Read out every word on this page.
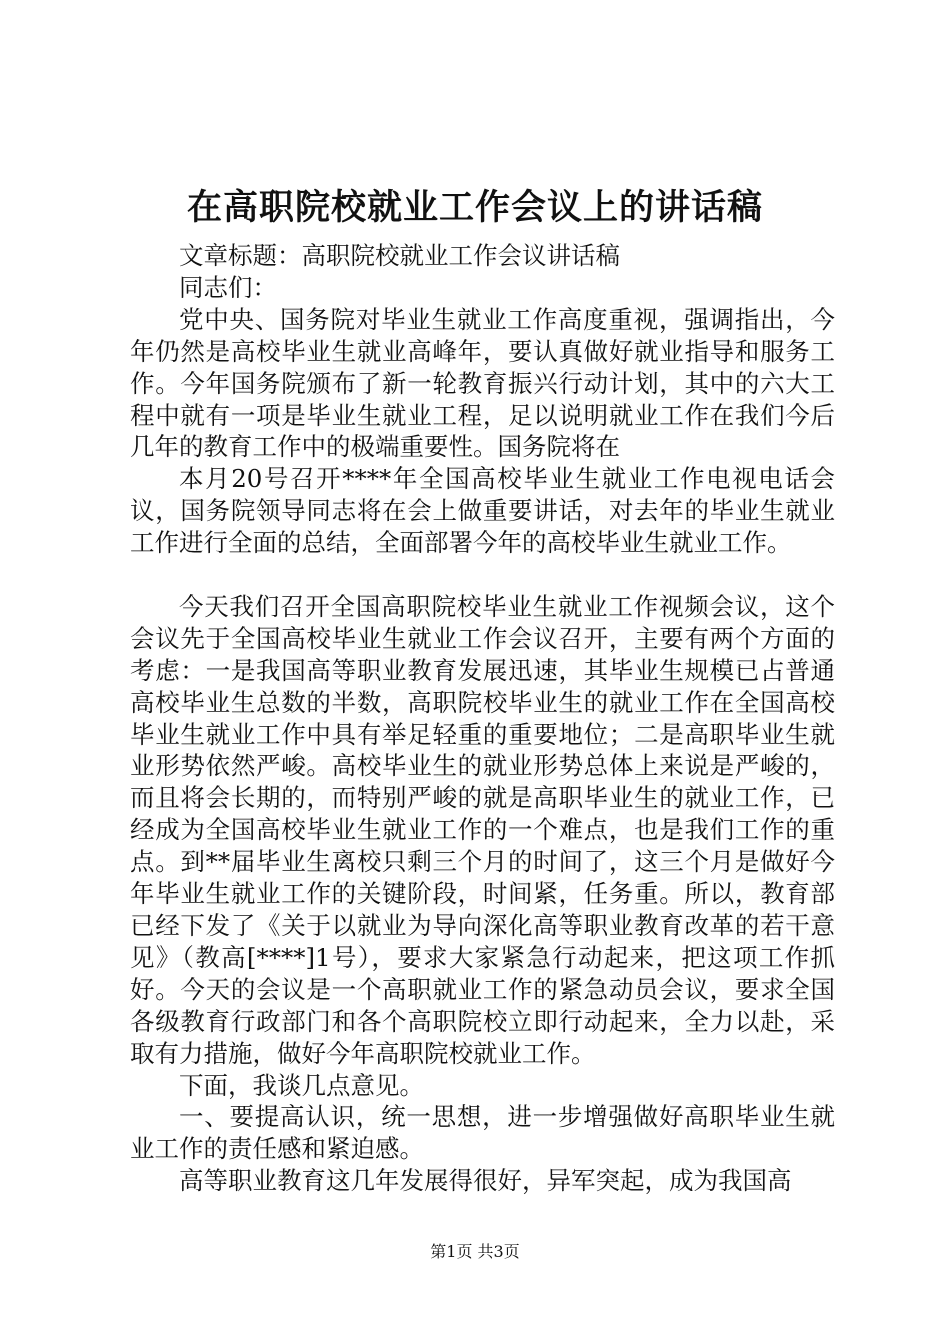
在高职院校就业工作会议上的讲话稿

文章标题：高职院校就业工作会议讲话稿

同志们：

党中央、国务院对毕业生就业工作高度重视，强调指出，今年仍然是高校毕业生就业高峰年，要认真做好就业指导和服务工作。今年国务院颁布了新一轮教育振兴行动计划，其中的六大工程中就有一项是毕业生就业工程，足以说明就业工作在我们今后几年的教育工作中的极端重要性。国务院将在

本月20号召开****年全国高校毕业生就业工作电视电话会议，国务院领导同志将在会上做重要讲话，对去年的毕业生就业工作进行全面的总结，全面部署今年的高校毕业生就业工作。

今天我们召开全国高职院校毕业生就业工作视频会议，这个会议先于全国高校毕业生就业工作会议召开，主要有两个方面的考虑：一是我国高等职业教育发展迅速，其毕业生规模已占普通高校毕业生总数的半数，高职院校毕业生的就业工作在全国高校毕业生就业工作中具有举足轻重的重要地位；二是高职毕业生就业形势依然严峻。高校毕业生的就业形势总体上来说是严峻的，而且将会长期的，而特别严峻的就是高职毕业生的就业工作，已经成为全国高校毕业生就业工作的一个难点，也是我们工作的重点。到**届毕业生离校只剩三个月的时间了，这三个月是做好今年毕业生就业工作的关键阶段，时间紧，任务重。所以，教育部已经下发了《关于以就业为导向深化高等职业教育改革的若干意见》（教高[****]1号），要求大家紧急行动起来，把这项工作抓好。今天的会议是一个高职就业工作的紧急动员会议，要求全国各级教育行政部门和各个高职院校立即行动起来，全力以赴，采取有力措施，做好今年高职院校就业工作。

下面，我谈几点意见。

一、要提高认识，统一思想，进一步增强做好高职毕业生就业工作的责任感和紧迫感。

高等职业教育这几年发展得很好，异军突起，成为我国高

第1页 共3页
